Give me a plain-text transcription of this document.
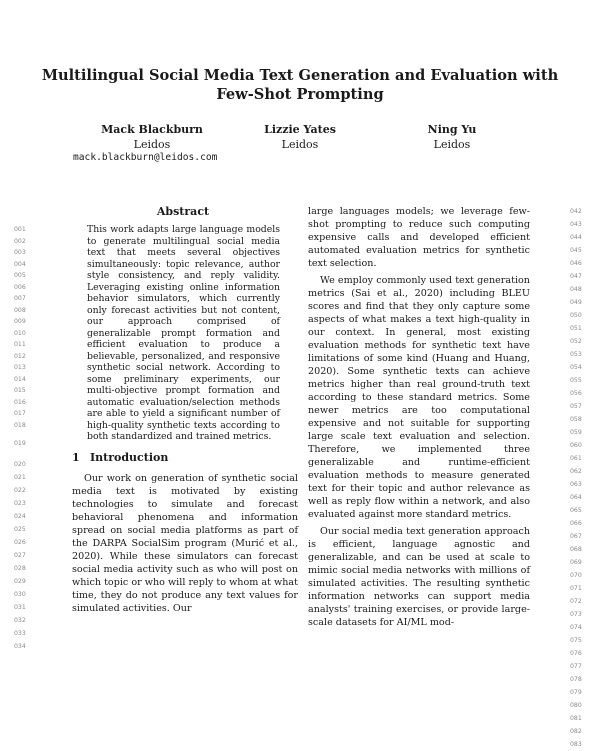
Multilingual Social Media Text Generation and Evaluation with Few-Shot Prompting
Mack Blackburn
Leidos
Lizzie Yates
Leidos
Ning Yu
Leidos
mack.blackburn@leidos.com
001
002
003
004
005
006
007
008
009
010
011
012
013
014
015
016
017
018
019
020
021
022
023
024
025
026
027
028
029
030
031
032
033
034
042
043
044
045
046
047
048
049
050
051
052
053
054
055
056
057
058
059
060
061
062
063
064
065
066
067
068
069
070
071
072
073
074
075
076
077
078
079
080
081
082
083
Abstract
This work adapts large language models to generate multilingual social media text that meets several objectives simultaneously: topic relevance, author style consistency, and reply validity. Leveraging existing online information behavior simulators, which currently only forecast activities but not content, our approach comprised of generalizable prompt formation and efficient evaluation to produce a believable, personalized, and responsive synthetic social network. According to some preliminary experiments, our multi-objective prompt formation and automatic evaluation/selection methods are able to yield a significant number of high-quality synthetic texts according to both standardized and trained metrics.
1 Introduction

Our work on generation of synthetic social media text is motivated by existing technologies to simulate and forecast behavioral phenomena and information spread on social media platforms as part of the DARPA SocialSim program (Murić et al., 2020). While these simulators can forecast social media activity such as who will post on which topic or who will reply to whom at what time, they do not produce any text values for simulated activities. Our

large languages models; we leverage few-shot prompting to reduce such computing expensive calls and developed efficient automated evaluation metrics for synthetic text selection.

We employ commonly used text generation metrics (Sai et al., 2020) including BLEU scores and find that they only capture some aspects of what makes a text high-quality in our context. In general, most existing evaluation methods for synthetic text have limitations of some kind (Huang and Huang, 2020). Some synthetic texts can achieve metrics higher than real ground-truth text according to these standard metrics. Some newer metrics are too computational expensive and not suitable for supporting large scale text evaluation and selection. Therefore, we implemented three generalizable and runtime-efficient evaluation methods to measure generated text for their topic and author relevance as well as reply flow within a network, and also evaluated against more standard metrics.

Our social media text generation approach is efficient, language agnostic and generalizable, and can be used at scale to mimic social media networks with millions of simulated activities. The resulting synthetic information networks can support media analysts' training exercises, or provide large-scale datasets for AI/ML mod-
